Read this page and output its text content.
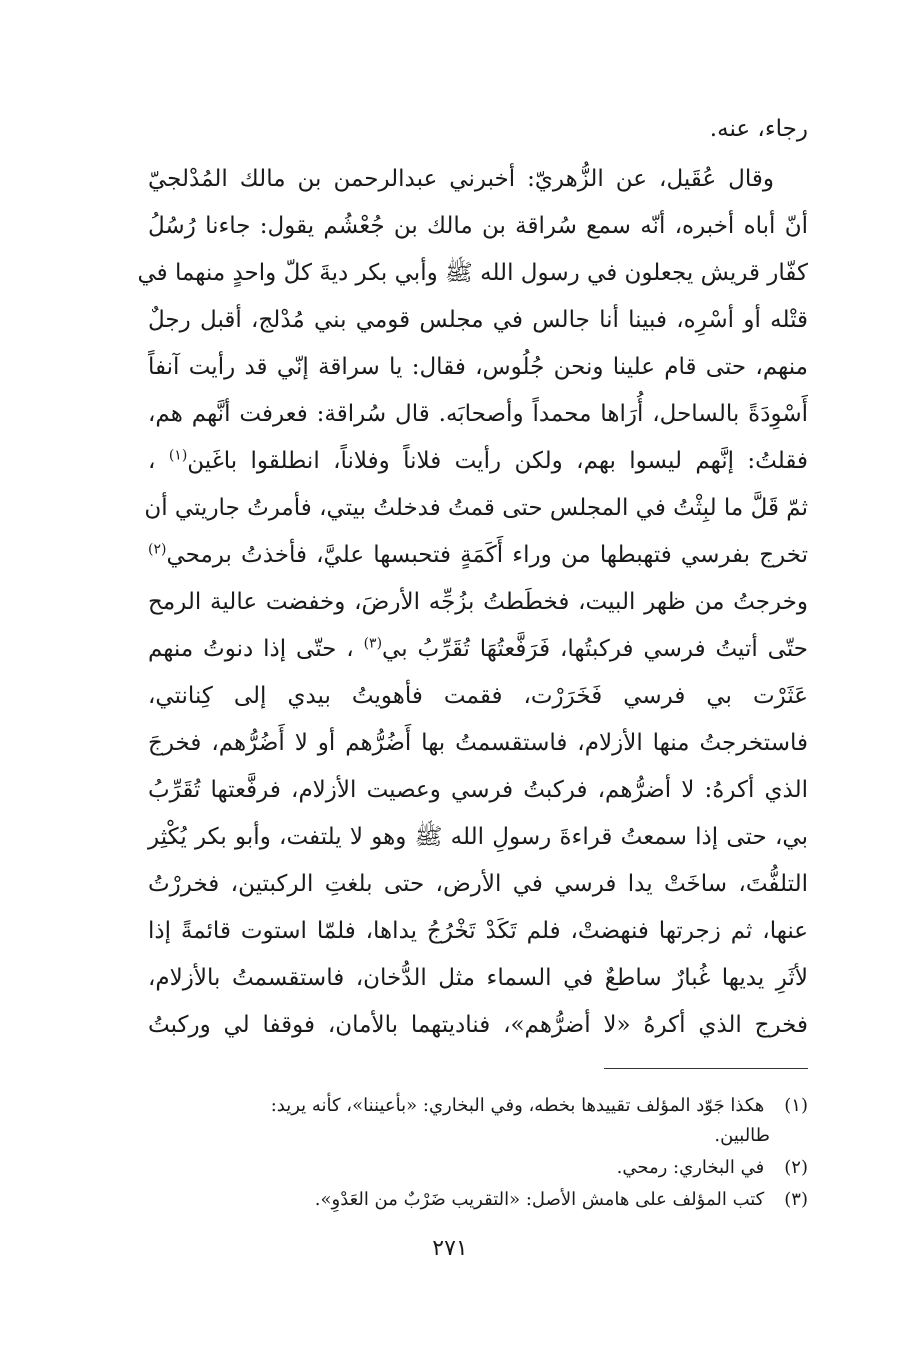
رجاء، عنه.
وقال عُقَيل، عن الزُّهريّ: أخبرني عبدالرحمن بن مالك المُدْلجيّ
أنّ أباه أخبره، أنّه سمع سُراقة بن مالك بن جُعْشُم يقول: جاءنا رُسُلُ
كفّار قريش يجعلون في رسول الله ﷺ وأبي بكر ديةَ كلّ واحدٍ منهما في
قتْله أو أسْرِه، فبينا أنا جالس في مجلس قومي بني مُدْلج، أقبل رجلٌ
منهم، حتى قام علينا ونحن جُلُوس، فقال: يا سراقة إنّي قد رأيت آنفاً
أَسْوِدَةً بالساحل، أُرَاها محمداً وأصحابَه. قال سُراقة: فعرفت أنَّهم هم،
فقلتُ: إنَّهم ليسوا بهم، ولكن رأيت فلاناً وفلاناً، انطلقوا باغَين$^{(١)}$ ،
ثمّ قَلَّ ما لبِثْتُ في المجلس حتى قمتُ فدخلتُ بيتي، فأمرتُ جاريتي أن
تخرج بفرسي فتهبطها من وراء أَكَمَةٍ فتحبسها عليَّ، فأخذتُ برمحي$^{(٢)}$
وخرجتُ من ظهر البيت، فخطَطتُ بزُجِّه الأرضَ، وخفضت عالية الرمح
حتّى أتيتُ فرسي فركبتُها، فَرَفَّعتُهَا تُقَرِّبُ بي$^{(٣)}$ ، حتّى إذا دنوتُ منهم
عَثَرْت بي فرسي فَخَرَرْت، فقمت فأهويتُ بيدي إلى كِنانتي،
فاستخرجتُ منها الأزلام، فاستقسمتُ بها أَضُرُّهم أو لا أَضُرُّهم، فخرجَ
الذي أكرهُ: لا أضرُّهم، فركبتُ فرسي وعصيت الأزلام، فرفَّعتها تُقَرِّبُ
بي، حتى إذا سمعتُ قراءةَ رسولِ الله ﷺ وهو لا يلتفت، وأبو بكر يُكْثِر
التلفُّتَ، ساخَتْ يدا فرسي في الأرض، حتى بلغتِ الركبتين، فخررْتُ
عنها، ثم زجرتها فنهضتْ، فلم تَكَدْ تَخْرُجُ يداها، فلمّا استوت قائمةً إذا
لأثَرِ يديها غُبارٌ ساطعٌ في السماء مثل الدُّخان، فاستقسمتُ بالأزلام،
فخرج الذي أكرهُ «لا أضرُّهم»، فناديتهما بالأمان، فوقفا لي وركبتُ
(١) هكذا جَوّد المؤلف تقييدها بخطه، وفي البخاري: «بأعيننا»، كأنه يريد:
طالبين.
(٢) في البخاري: رمحي.
(٣) كتب المؤلف على هامش الأصل: «التقريب ضَرْبٌ من العَدْوِ».
٢٧١
